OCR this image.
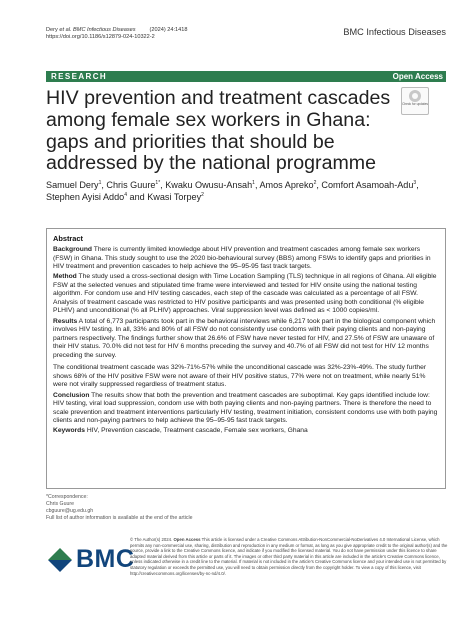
Dery et al. BMC Infectious Diseases         (2024) 24:1418
https://doi.org/10.1186/s12879-024-10322-2
BMC Infectious Diseases
RESEARCH	Open Access
Check for updates
HIV prevention and treatment cascades among female sex workers in Ghana: gaps and priorities that should be addressed by the national programme
Samuel Dery$^1$, Chris Guure$^{1*}$, Kwaku Owusu-Ansah$^1$, Amos Apreko$^2$, Comfort Asamoah-Adu$^3$,
Stephen Ayisi Addo$^4$ and Kwasi Torpey$^2$
Abstract

Background There is currently limited knowledge about HIV prevention and treatment cascades among female sex workers (FSW) in Ghana. This study sought to use the 2020 bio-behavioural survey (BBS) among FSWs to identify gaps and priorities in HIV treatment and prevention cascades to help achieve the 95–95-95 fast track targets.

Method The study used a cross-sectional design with Time Location Sampling (TLS) technique in all regions of Ghana. All eligible FSW at the selected venues and stipulated time frame were interviewed and tested for HIV onsite using the national testing algorithm. For condom use and HIV testing cascades, each step of the cascade was calculated as a percentage of all FSW. Analysis of treatment cascade was restricted to HIV positive participants and was presented using both conditional (% eligible PLHIV) and unconditional (% all PLHIV) approaches. Viral suppression level was defined as < 1000 copies/ml.

Results A total of 6,773 participants took part in the behavioral interviews while 6,217 took part in the biological component which involves HIV testing. In all, 33% and 80% of all FSW do not consistently use condoms with their paying clients and non-paying partners respectively. The findings further show that 26.6% of FSW have never tested for HIV, and 27.5% of FSW are unaware of their HIV status. 70.0% did not test for HIV 6 months preceding the survey and 40.7% of all FSW did not test for HIV 12 months preceding the survey.

The conditional treatment cascade was 32%-71%-57% while the unconditional cascade was 32%-23%-49%. The study further shows 68% of the HIV positive FSW were not aware of their HIV positive status, 77% were not on treatment, while nearly 51% were not virally suppressed regardless of treatment status.

Conclusion The results show that both the prevention and treatment cascades are suboptimal. Key gaps identified include low: HIV testing, viral load suppression, condom use with both paying clients and non-paying partners. There is therefore the need to scale prevention and treatment interventions particularly HIV testing, treatment initiation, consistent condoms use with both paying clients and non-paying partners to help achieve the 95–95-95 fast track targets.

Keywords HIV, Prevention cascade, Treatment cascade, Female sex workers, Ghana

*Correspondence:
Chris Guure
cbguure@ug.edu.gh
Full list of author information is available at the end of the article
BMC
© The Author(s) 2024. Open Access This article is licensed under a Creative Commons Attribution-NonCommercial-NoDerivatives 4.0 International License, which permits any non-commercial use, sharing, distribution and reproduction in any medium or format, as long as you give appropriate credit to the original author(s) and the source, provide a link to the Creative Commons licence, and indicate if you modified the licensed material. You do not have permission under this licence to share adapted material derived from this article or parts of it. The images or other third party material in this article are included in the article's Creative Commons licence, unless indicated otherwise in a credit line to the material. If material is not included in the article's Creative Commons licence and your intended use is not permitted by statutory regulation or exceeds the permitted use, you will need to obtain permission directly from the copyright holder. To view a copy of this licence, visit http://creativecommons.org/licenses/by-nc-nd/4.0/.
